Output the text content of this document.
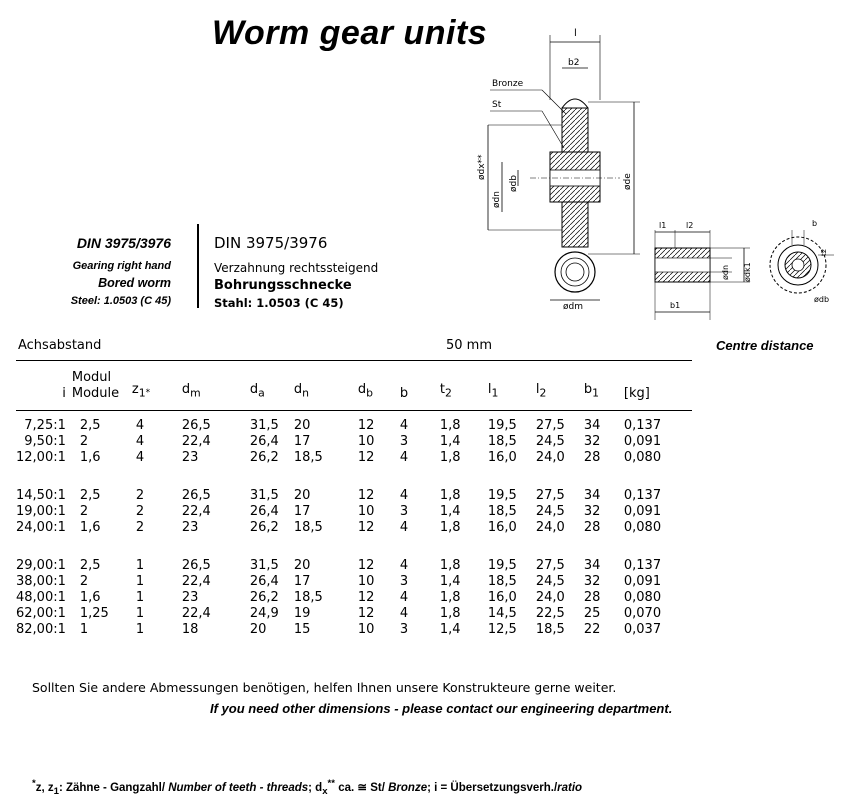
Worm gear units	l
b2
Bronze
St
ødx**
ødn
ødb	øde
ødm
l1 l2
b1
ødn ødk1
b
t2
ødb
DIN 3975/3976
Gearing right hand
Bored worm
Steel: 1.0503 (C 45)
DIN 3975/3976
Verzahnung rechtssteigend
Bohrungsschnecke
Stahl: 1.0503 (C 45)
Achsabstand	50 mm	Centre distance
i	Modul
Module	$z_1*$	$d_m$	$d_a$	$d_n$	$d_b$	b	$t_2$	$l_1$	$l_2$	$b_1$	[kg]

7,25:1	2,5	4	26,5	31,5	20	12	4	1,8	19,5	27,5	34	0,137
9,50:1	2	4	22,4	26,4	17	10	3	1,4	18,5	24,5	32	0,091
12,00:1	1,6	4	23	26,2	18,5	12	4	1,8	16,0	24,0	28	0,080

14,50:1	2,5	2	26,5	31,5	20	12	4	1,8	19,5	27,5	34	0,137
19,00:1	2	2	22,4	26,4	17	10	3	1,4	18,5	24,5	32	0,091
24,00:1	1,6	2	23	26,2	18,5	12	4	1,8	16,0	24,0	28	0,080

29,00:1	2,5	1	26,5	31,5	20	12	4	1,8	19,5	27,5	34	0,137
38,00:1	2	1	22,4	26,4	17	10	3	1,4	18,5	24,5	32	0,091
48,00:1	1,6	1	23	26,2	18,5	12	4	1,8	16,0	24,0	28	0,080
62,00:1	1,25	1	22,4	24,9	19	12	4	1,8	14,5	22,5	25	0,070
82,00:1	1	1	18	20	15	10	3	1,4	12,5	18,5	22	0,037
Sollten Sie andere Abmessungen benötigen, helfen Ihnen unsere Konstrukteure gerne weiter.
If you need other dimensions - please contact our engineering department.
*z, $z_1$: Zähne - Gangzahl/ Number of teeth - threads; $d_x^{**}$ ca. ≅ St/ Bronze; i = Übersetzungsverh./ratio
